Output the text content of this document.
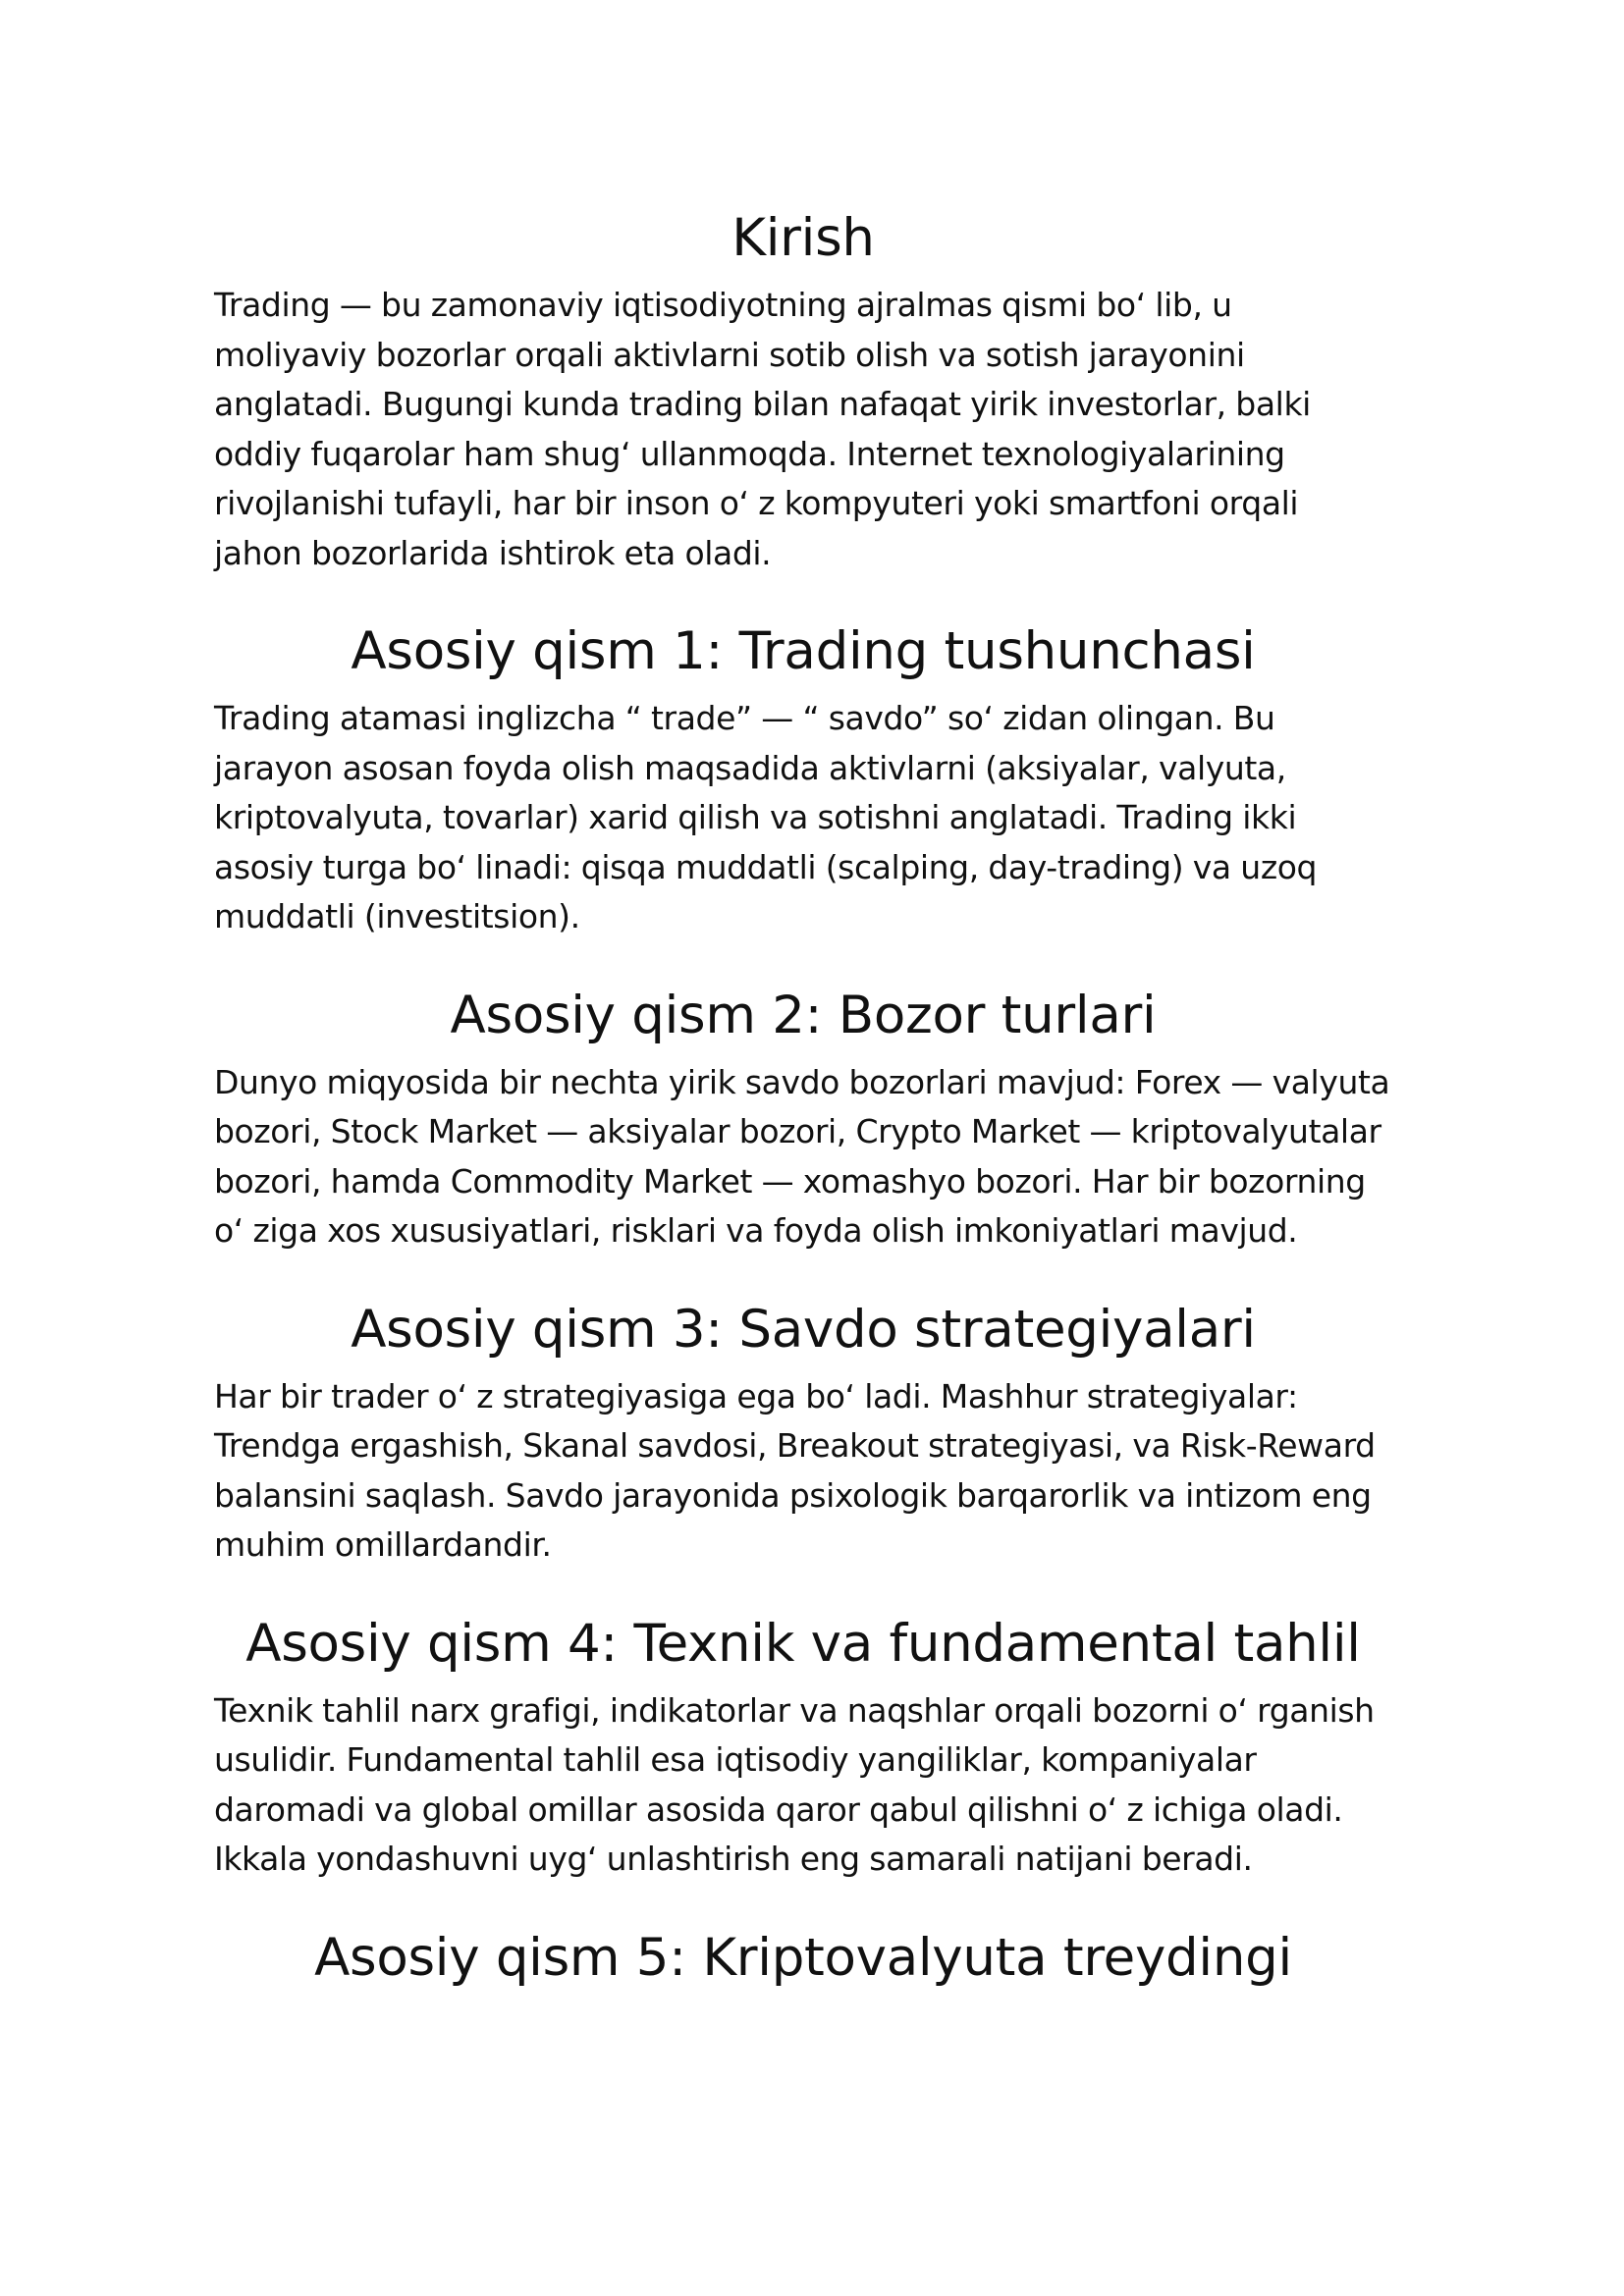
Kirish

Trading — bu zamonaviy iqtisodiyotning ajralmas qismi bo‘ lib, u moliyaviy bozorlar orqali aktivlarni sotib olish va sotish jarayonini anglatadi. Bugungi kunda trading bilan nafaqat yirik investorlar, balki oddiy fuqarolar ham shug‘ ullanmoqda. Internet texnologiyalarining rivojlanishi tufayli, har bir inson o‘ z kompyuteri yoki smartfoni orqali jahon bozorlarida ishtirok eta oladi.

Asosiy qism 1: Trading tushunchasi

Trading atamasi inglizcha “ trade” — “ savdo” so‘ zidan olingan. Bu jarayon asosan foyda olish maqsadida aktivlarni (aksiyalar, valyuta, kriptovalyuta, tovarlar) xarid qilish va sotishni anglatadi. Trading ikki asosiy turga bo‘ linadi: qisqa muddatli (scalping, day-trading) va uzoq muddatli (investitsion).

Asosiy qism 2: Bozor turlari

Dunyo miqyosida bir nechta yirik savdo bozorlari mavjud: Forex — valyuta bozori, Stock Market — aksiyalar bozori, Crypto Market — kriptovalyutalar bozori, hamda Commodity Market — xomashyo bozori. Har bir bozorning o‘ ziga xos xususiyatlari, risklari va foyda olish imkoniyatlari mavjud.

Asosiy qism 3: Savdo strategiyalari

Har bir trader o‘ z strategiyasiga ega bo‘ ladi. Mashhur strategiyalar: Trendga ergashish, Skanal savdosi, Breakout strategiyasi, va Risk-Reward balansini saqlash. Savdo jarayonida psixologik barqarorlik va intizom eng muhim omillardandir.

Asosiy qism 4: Texnik va fundamental tahlil

Texnik tahlil narx grafigi, indikatorlar va naqshlar orqali bozorni o‘ rganish usulidir. Fundamental tahlil esa iqtisodiy yangiliklar, kompaniyalar daromadi va global omillar asosida qaror qabul qilishni o‘ z ichiga oladi. Ikkala yondashuvni uyg‘ unlashtirish eng samarali natijani beradi.

Asosiy qism 5: Kriptovalyuta treydingi
